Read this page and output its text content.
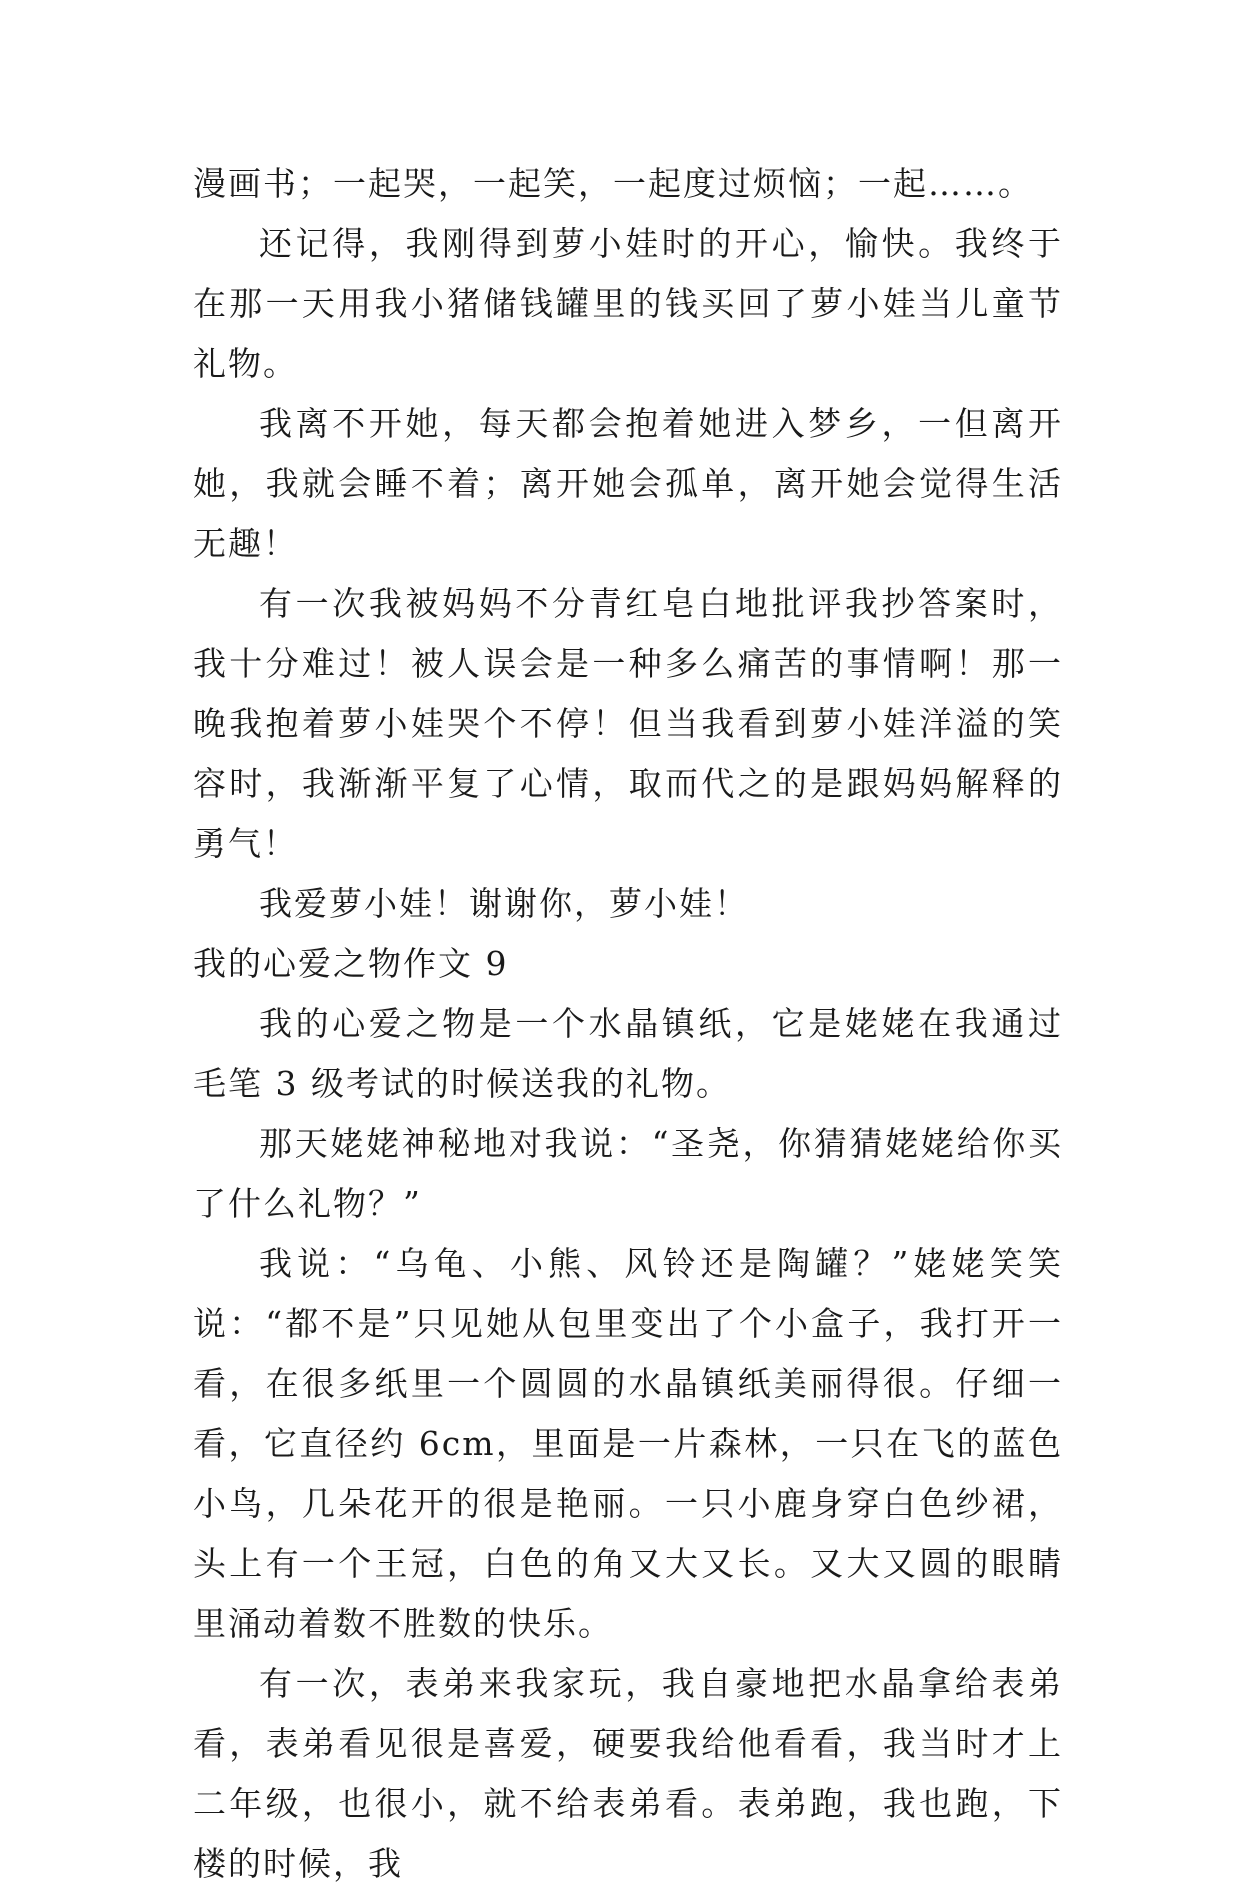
漫画书；一起哭，一起笑，一起度过烦恼；一起……。

还记得，我刚得到萝小娃时的开心，愉快。我终于在那一天用我小猪储钱罐里的钱买回了萝小娃当儿童节礼物。

我离不开她，每天都会抱着她进入梦乡，一但离开她，我就会睡不着；离开她会孤单，离开她会觉得生活无趣！

有一次我被妈妈不分青红皂白地批评我抄答案时，我十分难过！被人误会是一种多么痛苦的事情啊！那一晚我抱着萝小娃哭个不停！但当我看到萝小娃洋溢的笑容时，我渐渐平复了心情，取而代之的是跟妈妈解释的勇气！

我爱萝小娃！谢谢你，萝小娃！

我的心爱之物作文 9

我的心爱之物是一个水晶镇纸，它是姥姥在我通过毛笔 3 级考试的时候送我的礼物。

那天姥姥神秘地对我说：“圣尧，你猜猜姥姥给你买了什么礼物？”

我说：“乌龟、小熊、风铃还是陶罐？”姥姥笑笑说：“都不是”只见她从包里变出了个小盒子，我打开一看，在很多纸里一个圆圆的水晶镇纸美丽得很。仔细一看，它直径约 6cm，里面是一片森林，一只在飞的蓝色小鸟，几朵花开的很是艳丽。一只小鹿身穿白色纱裙，头上有一个王冠，白色的角又大又长。又大又圆的眼睛里涌动着数不胜数的快乐。

有一次，表弟来我家玩，我自豪地把水晶拿给表弟看，表弟看见很是喜爱，硬要我给他看看，我当时才上二年级，也很小，就不给表弟看。表弟跑，我也跑，下楼的时候，我
